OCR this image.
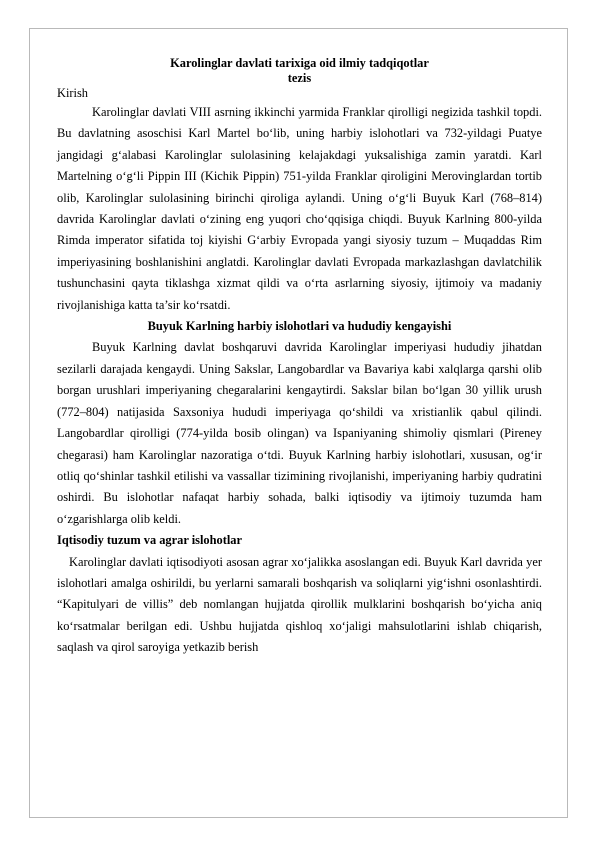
Karolinglar davlati tarixiga oid ilmiy tadqiqotlar

tezis

Kirish

Karolinglar davlati VIII asrning ikkinchi yarmida Franklar qirolligi negizida tashkil topdi. Bu davlatning asoschisi Karl Martel bo‘lib, uning harbiy islohotlari va 732-yildagi Puatye jangidagi g‘alabasi Karolinglar sulolasining kelajakdagi yuksalishiga zamin yaratdi. Karl Martelning o‘g‘li Pippin III (Kichik Pippin) 751-yilda Franklar qiroligini Merovinglardan tortib olib, Karolinglar sulolasining birinchi qiroliga aylandi. Uning o‘g‘li Buyuk Karl (768–814) davrida Karolinglar davlati o‘zining eng yuqori cho‘qqisiga chiqdi. Buyuk Karlning 800-yilda Rimda imperator sifatida toj kiyishi G‘arbiy Evropada yangi siyosiy tuzum – Muqaddas Rim imperiyasining boshlanishini anglatdi. Karolinglar davlati Evropada markazlashgan davlatchilik tushunchasini qayta tiklashga xizmat qildi va o‘rta asrlarning siyosiy, ijtimoiy va madaniy rivojlanishiga katta ta’sir ko‘rsatdi.

Buyuk Karlning harbiy islohotlari va hududiy kengayishi

Buyuk Karlning davlat boshqaruvi davrida Karolinglar imperiyasi hududiy jihatdan sezilarli darajada kengaydi. Uning Sakslar, Langobardlar va Bavariya kabi xalqlarga qarshi olib borgan urushlari imperiyaning chegaralarini kengaytirdi. Sakslar bilan bo‘lgan 30 yillik urush (772–804) natijasida Saxsoniya hududi imperiyaga qo‘shildi va xristianlik qabul qilindi. Langobardlar qirolligi (774-yilda bosib olingan) va Ispaniyaning shimoliy qismlari (Pireney chegarasi) ham Karolinglar nazoratiga o‘tdi. Buyuk Karlning harbiy islohotlari, xususan, og‘ir otliq qo‘shinlar tashkil etilishi va vassallar tizimining rivojlanishi, imperiyaning harbiy qudratini oshirdi. Bu islohotlar nafaqat harbiy sohada, balki iqtisodiy va ijtimoiy tuzumda ham o‘zgarishlarga olib keldi.

Iqtisodiy tuzum va agrar islohotlar

Karolinglar davlati iqtisodiyoti asosan agrar xo‘jalikka asoslangan edi. Buyuk Karl davrida yer islohotlari amalga oshirildi, bu yerlarni samarali boshqarish va soliqlarni yig‘ishni osonlashtirdi. “Kapitulyari de villis” deb nomlangan hujjatda qirollik mulklarini boshqarish bo‘yicha aniq ko‘rsatmalar berilgan edi. Ushbu hujjatda qishloq xo‘jaligi mahsulotlarini ishlab chiqarish, saqlash va qirol saroyiga yetkazib berish
